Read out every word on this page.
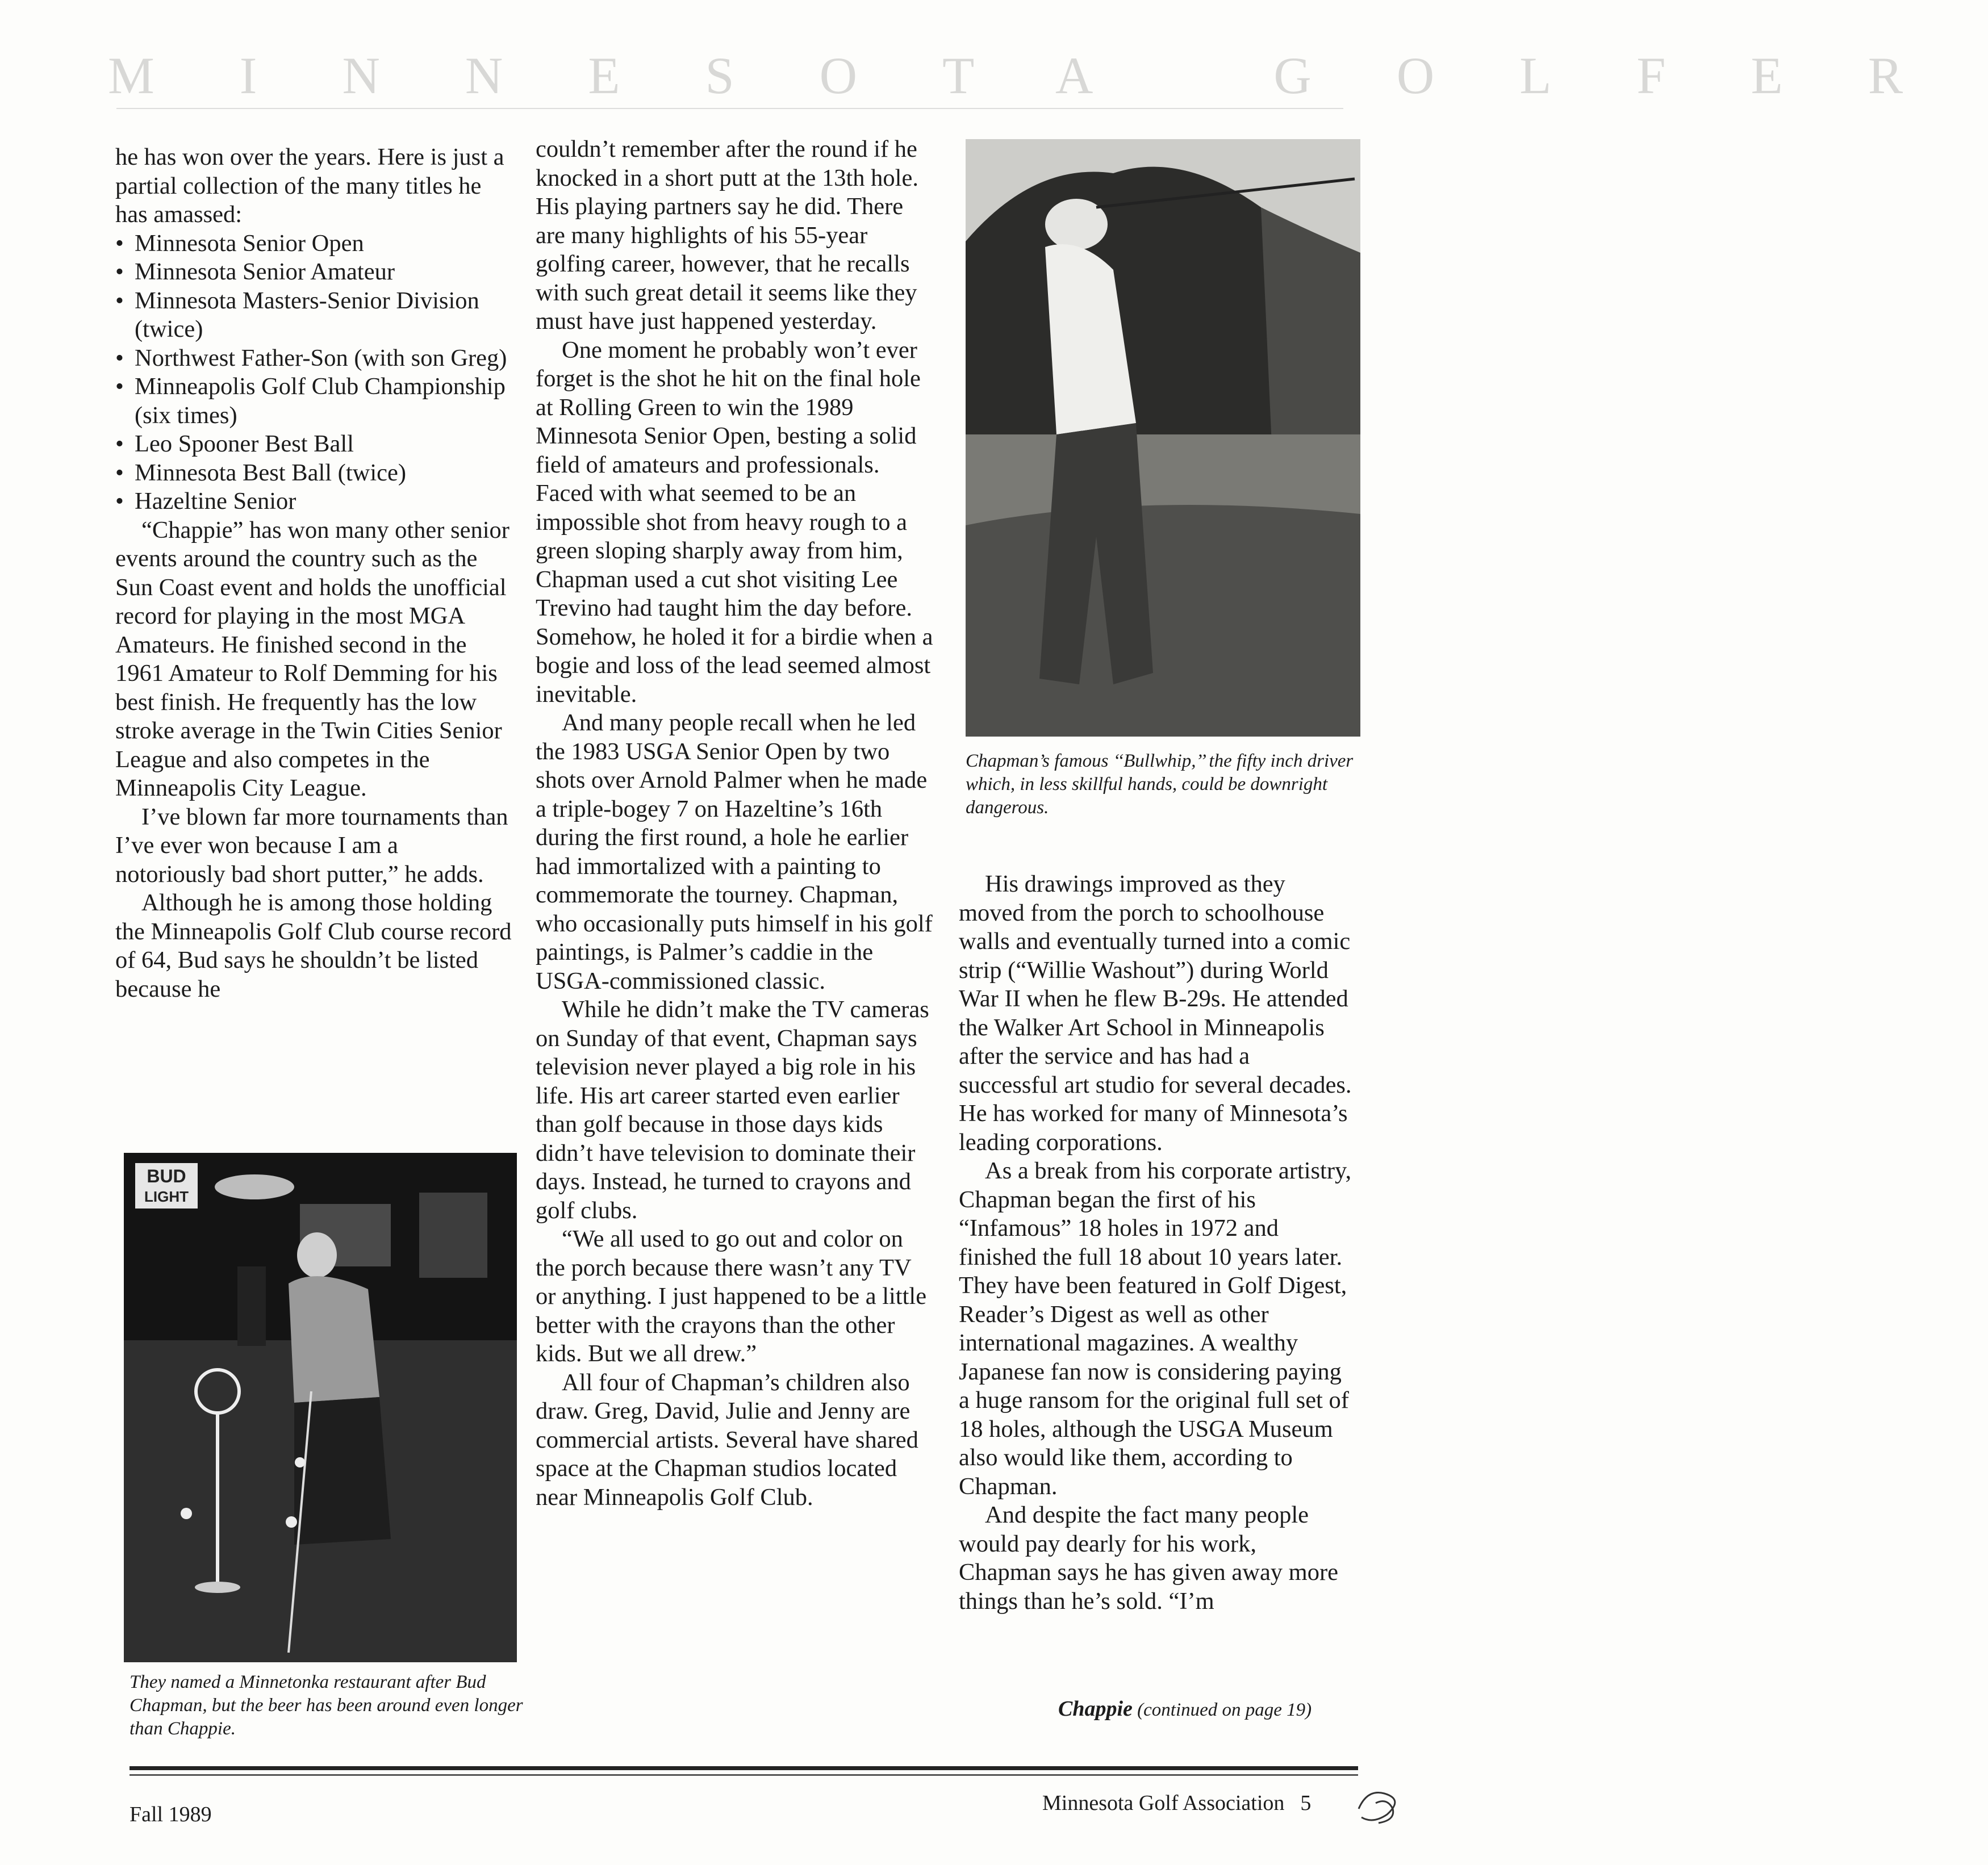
MINNESOTA GOLFER

he has won over the years. Here is just a partial collection of the many titles he has amassed:

• Minnesota Senior Open
• Minnesota Senior Amateur
• Minnesota Masters-Senior Division (twice)
• Northwest Father-Son (with son Greg)
• Minneapolis Golf Club Championship (six times)
• Leo Spooner Best Ball
• Minnesota Best Ball (twice)
• Hazeltine Senior

“Chappie” has won many other senior events around the country such as the Sun Coast event and holds the unofficial record for playing in the most MGA Amateurs. He finished second in the 1961 Amateur to Rolf Demming for his best finish. He frequently has the low stroke average in the Twin Cities Senior League and also competes in the Minneapolis City League.

I’ve blown far more tournaments than I’ve ever won because I am a notoriously bad short putter,” he adds.

Although he is among those holding the Minneapolis Golf Club course record of 64, Bud says he shouldn’t be listed because he

couldn’t remember after the round if he knocked in a short putt at the 13th hole. His playing partners say he did. There are many highlights of his 55-year golfing career, however, that he recalls with such great detail it seems like they must have just happened yesterday.

One moment he probably won’t ever forget is the shot he hit on the final hole at Rolling Green to win the 1989 Minnesota Senior Open, besting a solid field of amateurs and professionals. Faced with what seemed to be an impossible shot from heavy rough to a green sloping sharply away from him, Chapman used a cut shot visiting Lee Trevino had taught him the day before. Somehow, he holed it for a birdie when a bogie and loss of the lead seemed almost inevitable.

And many people recall when he led the 1983 USGA Senior Open by two shots over Arnold Palmer when he made a triple-bogey 7 on Hazeltine’s 16th during the first round, a hole he earlier had immortalized with a painting to commemorate the tourney. Chapman, who occasionally puts himself in his golf paintings, is Palmer’s caddie in the USGA-commissioned classic.

While he didn’t make the TV cameras on Sunday of that event, Chapman says television never played a big role in his life. His art career started even earlier than golf because in those days kids didn’t have television to dominate their days. Instead, he turned to crayons and golf clubs.

“We all used to go out and color on the porch because there wasn’t any TV or anything. I just happened to be a little better with the crayons than the other kids. But we all drew.”

All four of Chapman’s children also draw. Greg, David, Julie and Jenny are commercial artists. Several have shared space at the Chapman studios located near Minneapolis Golf Club.

His drawings improved as they moved from the porch to schoolhouse walls and eventually turned into a comic strip (“Willie Washout”) during World War II when he flew B-29s. He attended the Walker Art School in Minneapolis after the service and has had a successful art studio for several decades. He has worked for many of Minnesota’s leading corporations.

As a break from his corporate artistry, Chapman began the first of his “Infamous” 18 holes in 1972 and finished the full 18 about 10 years later. They have been featured in Golf Digest, Reader’s Digest as well as other international magazines. A wealthy Japanese fan now is considering paying a huge ransom for the original full set of 18 holes, although the USGA Museum also would like them, according to Chapman.

And despite the fact many people would pay dearly for his work, Chapman says he has given away more things than he’s sold. “I’m

Chappie (continued on page 19)
BUD
LIGHT
They named a Minnetonka restaurant after Bud Chapman, but the beer has been around even longer than Chappie.
Chapman’s famous ‘‘Bullwhip,’’ the fifty inch driver which, in less skillful hands, could be downright dangerous.
Fall 1989	Minnesota Golf Association 5
